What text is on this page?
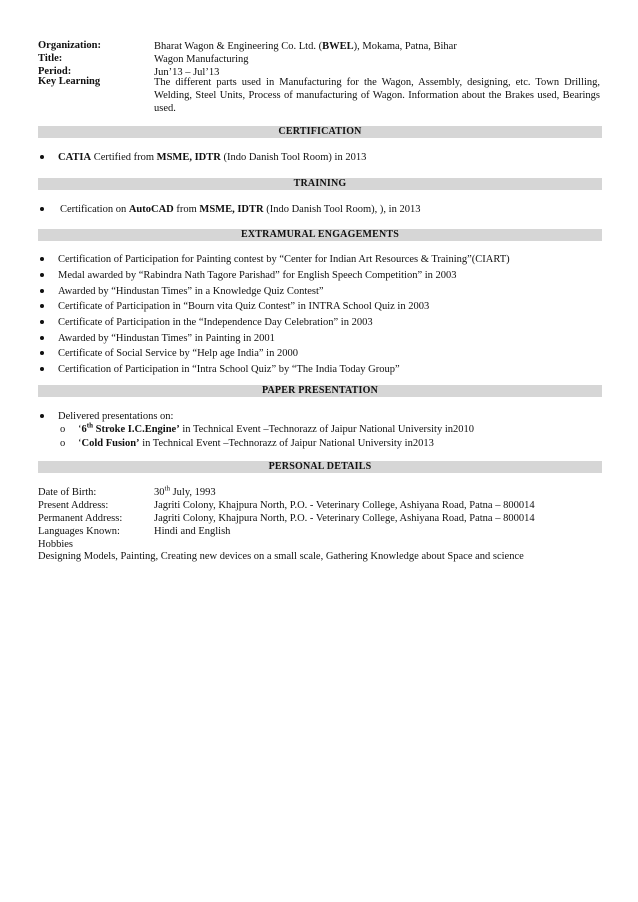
Organization:	Bharat Wagon & Engineering Co. Ltd. (BWEL), Mokama, Patna, Bihar
Title:	Wagon Manufacturing
Period:	Jun’13 – Jul’13
Key Learning	The different parts used in Manufacturing for the Wagon, Assembly, designing, etc. Town Drilling, Welding, Steel Units, Process of manufacturing of Wagon. Information about the Brakes used, Bearings used.
CERTIFICATION
CATIA Certified from MSME, IDTR (Indo Danish Tool Room) in 2013
TRAINING
Certification on AutoCAD from MSME, IDTR (Indo Danish Tool Room), ), in 2013
EXTRAMURAL ENGAGEMENTS
Certification of Participation for Painting contest by “Center for Indian Art Resources & Training”(CIART)
Medal awarded by “Rabindra Nath Tagore Parishad” for English Speech Competition” in 2003
Awarded by “Hindustan Times” in a Knowledge Quiz Contest”
Certificate of Participation in “Bourn vita Quiz Contest” in INTRA School Quiz in 2003
Certificate of Participation in the “Independence Day Celebration” in 2003
Awarded by “Hindustan Times” in Painting in 2001
Certificate of Social Service by “Help age India” in 2000
Certification of Participation in “Intra School Quiz” by “The India Today Group”
PAPER PRESENTATION
Delivered presentations on:
o ‘6th Stroke I.C.Engine’ in Technical Event –Technorazz of Jaipur National University in2010
o ‘Cold Fusion’ in Technical Event –Technorazz of Jaipur National University in2013
PERSONAL DETAILS
Date of Birth:	30th July, 1993
Present Address:	Jagriti Colony, Khajpura North, P.O. - Veterinary College, Ashiyana Road, Patna – 800014
Permanent Address:	Jagriti Colony, Khajpura North, P.O. - Veterinary College, Ashiyana Road, Patna – 800014
Languages Known:	Hindi and English
Hobbies
Designing Models, Painting, Creating new devices on a small scale, Gathering Knowledge about Space and science
